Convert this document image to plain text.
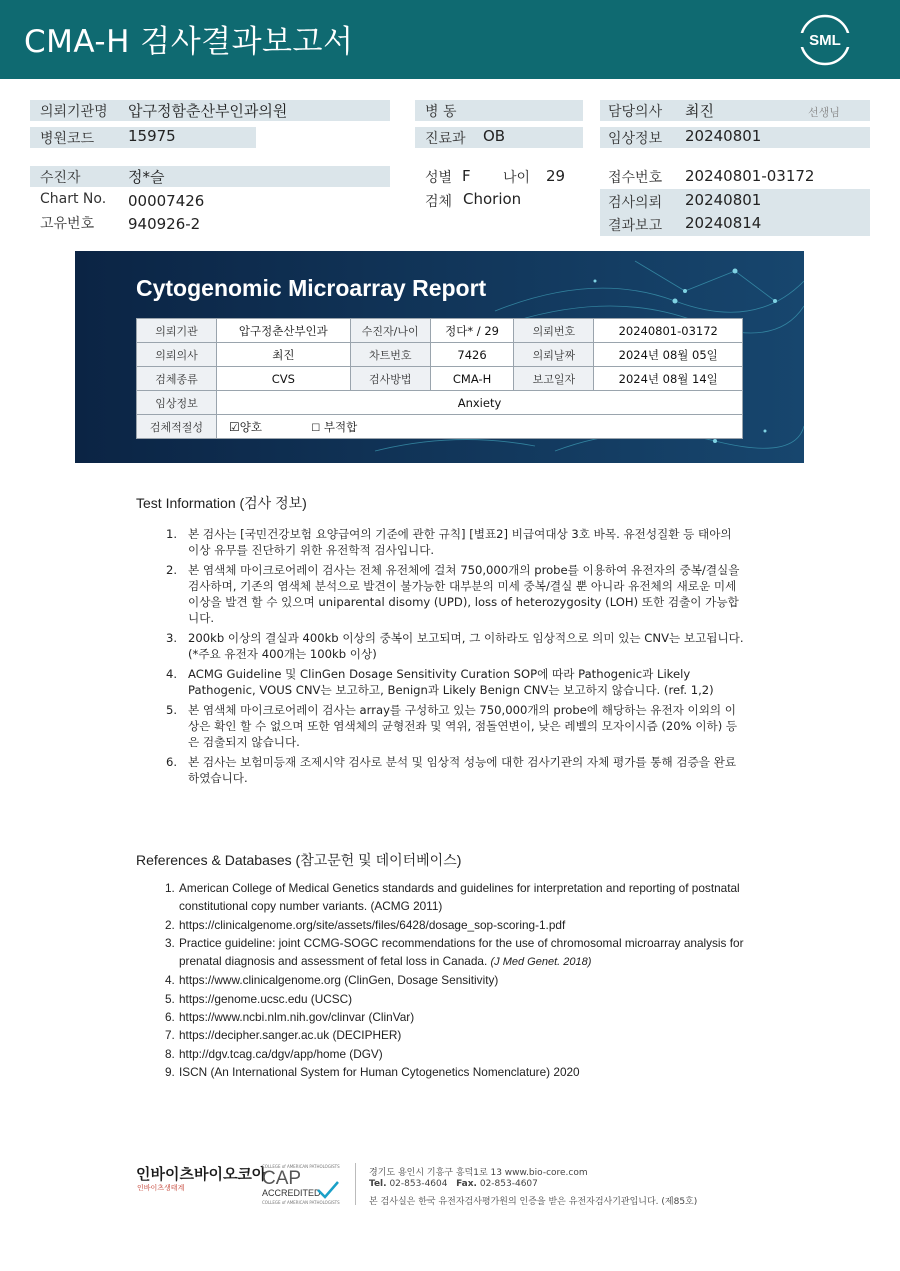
CMA-H 검사결과보고서	SML
의뢰기관명 압구정함춘산부인과의원
병원코드 15975
병 동
진료과 OB
담당의사 최진	선생님
임상정보 20240801
수진자	정*슬
Chart No. 00007426
고유번호 940926-2
성별 F 나이 29
검체 Chorion
접수번호 20240801-03172
검사의뢰 20240801
결과보고 20240814
Cytogenomic Microarray Report
의뢰기관	압구정춘산부인과	수진자/나이	정다* / 29	의뢰번호	20240801-03172
의뢰의사	최진	차트번호	7426	의뢰날짜	2024년 08월 05일
검체종류	CVS	검사방법	CMA-H	보고일자	2024년 08월 14일
임상정보	Anxiety				
검체적절성	☑양호 ☐ 부적합				
Test Information (검사 정보)
1. 본 검사는 [국민건강보험 요양급여의 기준에 관한 규칙] [별표2] 비급여대상 3호 바목. 유전성질환 등 태아의 이상 유무를 진단하기 위한 유전학적 검사입니다.
2. 본 염색체 마이크로어레이 검사는 전체 유전체에 걸쳐 750,000개의 probe를 이용하여 유전자의 중복/결실을 검사하며, 기존의 염색체 분석으로 발견이 불가능한 대부분의 미세 중복/결실 뿐 아니라 유전체의 새로운 미세이상을 발견 할 수 있으며 uniparental disomy (UPD), loss of heterozygosity (LOH) 또한 검출이 가능합니다.
3. 200kb 이상의 결실과 400kb 이상의 중복이 보고되며, 그 이하라도 임상적으로 의미 있는 CNV는 보고됩니다. (*주요 유전자 400개는 100kb 이상)
4. ACMG Guideline 및 ClinGen Dosage Sensitivity Curation SOP에 따라 Pathogenic과 Likely Pathogenic, VOUS CNV는 보고하고, Benign과 Likely Benign CNV는 보고하지 않습니다. (ref. 1,2)
5. 본 염색체 마이크로어레이 검사는 array를 구성하고 있는 750,000개의 probe에 해당하는 유전자 이외의 이상은 확인 할 수 없으며 또한 염색체의 균형전좌 및 역위, 점돌연변이, 낮은 레벨의 모자이시즘 (20% 이하) 등은 검출되지 않습니다.
6. 본 검사는 보험미등재 조제시약 검사로 분석 및 임상적 성능에 대한 검사기관의 자체 평가를 통해 검증을 완료하였습니다.
References & Databases (참고문헌 및 데이터베이스)
1. American College of Medical Genetics standards and guidelines for interpretation and reporting of postnatal constitutional copy number variants. (ACMG 2011)
2. https://clinicalgenome.org/site/assets/files/6428/dosage_sop-scoring-1.pdf
3. Practice guideline: joint CCMG-SOGC recommendations for the use of chromosomal microarray analysis for prenatal diagnosis and assessment of fetal loss in Canada. (J Med Genet. 2018)
4. https://www.clinicalgenome.org (ClinGen, Dosage Sensitivity)
5. https://genome.ucsc.edu (UCSC)
6. https://www.ncbi.nlm.nih.gov/clinvar (ClinVar)
7. https://decipher.sanger.ac.uk (DECIPHER)
8. http://dgv.tcag.ca/dgv/app/home (DGV)
9. ISCN (An International System for Human Cytogenetics Nomenclature) 2020
인바이츠바이오코아
인바이츠생태계
COLLEGE of AMERICAN PATHOLOGISTS
CAP
ACCREDITED
COLLEGE of AMERICAN PATHOLOGISTS
경기도 용인시 기흥구 흥덕1로 13 www.bio-core.com
Tel. 02-853-4604 Fax. 02-853-4607
본 검사실은 한국 유전자검사평가원의 인증을 받은 유전자검사기관입니다. (제85호)
